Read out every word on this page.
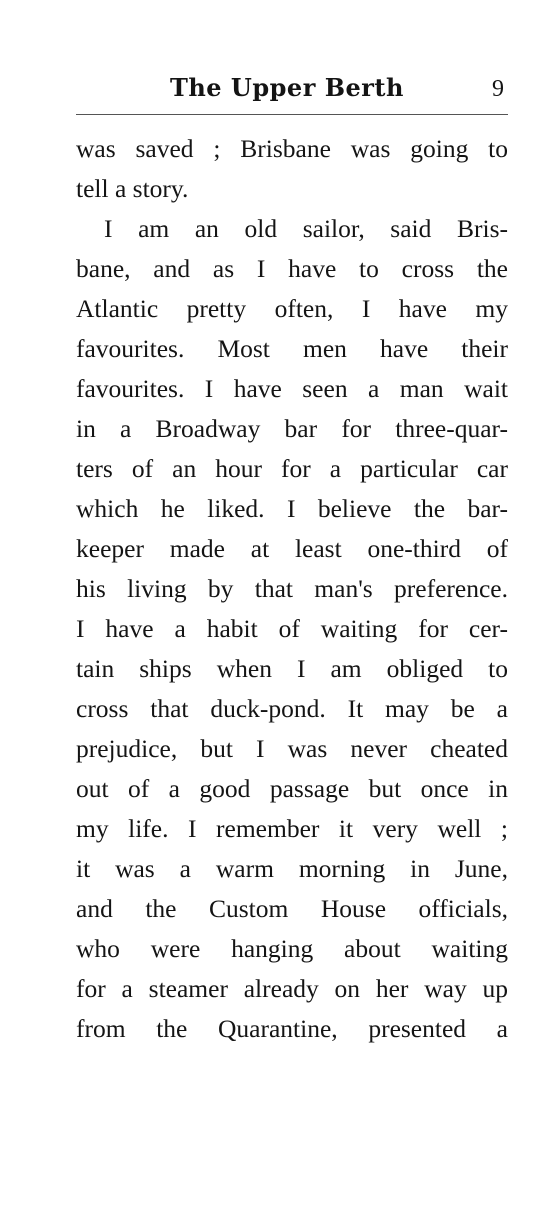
The Upper Berth	9
was saved ; Brisbane was going to
tell a story.
I am an old sailor, said Bris-
bane, and as I have to cross the
Atlantic pretty often, I have my
favourites. Most men have their
favourites. I have seen a man wait
in a Broadway bar for three-quar-
ters of an hour for a particular car
which he liked. I believe the bar-
keeper made at least one-third of
his living by that man's preference.
I have a habit of waiting for cer-
tain ships when I am obliged to
cross that duck-pond. It may be a
prejudice, but I was never cheated
out of a good passage but once in
my life. I remember it very well ;
it was a warm morning in June,
and the Custom House officials,
who were hanging about waiting
for a steamer already on her way up
from the Quarantine, presented a
